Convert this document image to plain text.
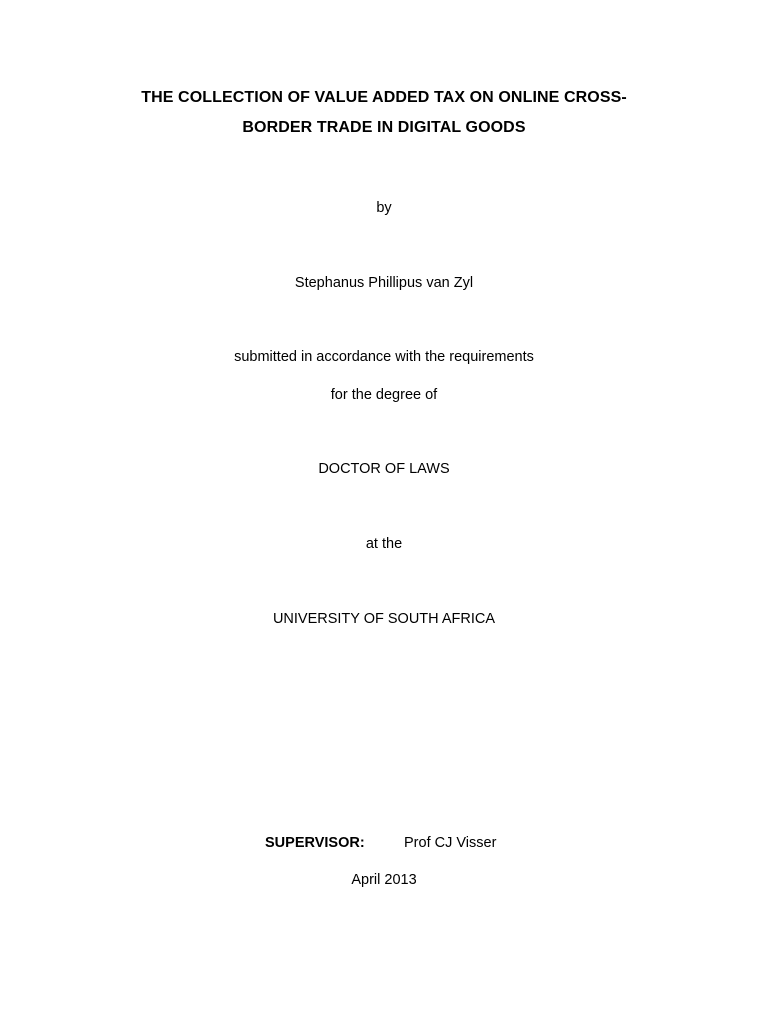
THE COLLECTION OF VALUE ADDED TAX ON ONLINE CROSS-
BORDER TRADE IN DIGITAL GOODS
by
Stephanus Phillipus van Zyl
submitted in accordance with the requirements
for the degree of
DOCTOR OF LAWS
at the
UNIVERSITY OF SOUTH AFRICA
SUPERVISOR:	Prof CJ Visser
April 2013
